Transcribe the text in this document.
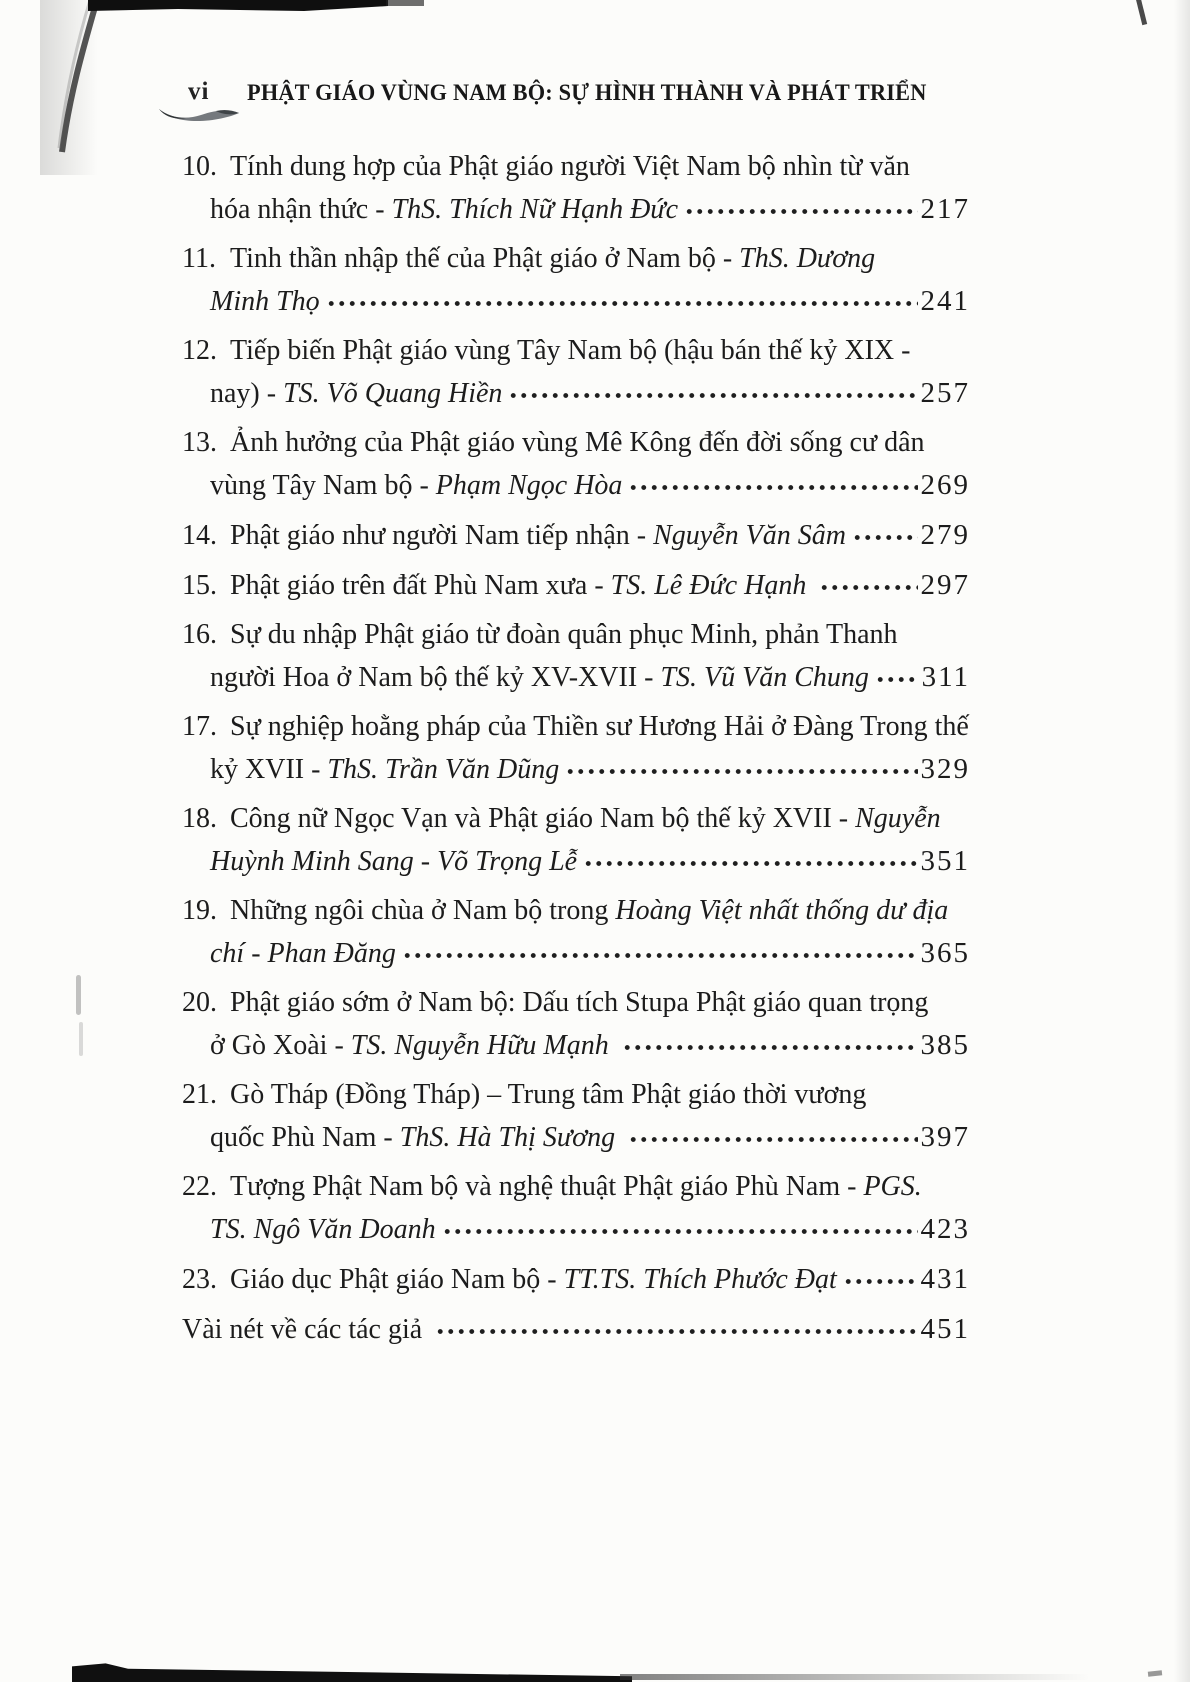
vi PHẬT GIÁO VÙNG NAM BỘ: SỰ HÌNH THÀNH VÀ PHÁT TRIỂN
10. Tính dung hợp của Phật giáo người Việt Nam bộ nhìn từ văn
hóa nhận thức - ThS. Thích Nữ Hạnh Đức	217
11. Tinh thần nhập thế của Phật giáo ở Nam bộ - ThS. Dương
Minh Thọ	241
12. Tiếp biến Phật giáo vùng Tây Nam bộ (hậu bán thế kỷ XIX -
nay) - TS. Võ Quang Hiền	257
13. Ảnh hưởng của Phật giáo vùng Mê Kông đến đời sống cư dân
vùng Tây Nam bộ - Phạm Ngọc Hòa	269
14. Phật giáo như người Nam tiếp nhận - Nguyễn Văn Sâm	279
15. Phật giáo trên đất Phù Nam xưa - TS. Lê Đức Hạnh	297
16. Sự du nhập Phật giáo từ đoàn quân phục Minh, phản Thanh
người Hoa ở Nam bộ thế kỷ XV-XVII - TS. Vũ Văn Chung 311
17. Sự nghiệp hoằng pháp của Thiền sư Hương Hải ở Đàng Trong thế
kỷ XVII - ThS. Trần Văn Dũng	329
18. Công nữ Ngọc Vạn và Phật giáo Nam bộ thế kỷ XVII - Nguyễn
Huỳnh Minh Sang - Võ Trọng Lễ	351
19. Những ngôi chùa ở Nam bộ trong Hoàng Việt nhất thống dư địa
chí - Phan Đăng	365
20. Phật giáo sớm ở Nam bộ: Dấu tích Stupa Phật giáo quan trọng
ở Gò Xoài - TS. Nguyễn Hữu Mạnh	385
21. Gò Tháp (Đồng Tháp) – Trung tâm Phật giáo thời vương
quốc Phù Nam - ThS. Hà Thị Sương	397
22. Tượng Phật Nam bộ và nghệ thuật Phật giáo Phù Nam - PGS.
TS. Ngô Văn Doanh	423
23. Giáo dục Phật giáo Nam bộ - TT.TS. Thích Phước Đạt	431
Vài nét về các tác giả	451
